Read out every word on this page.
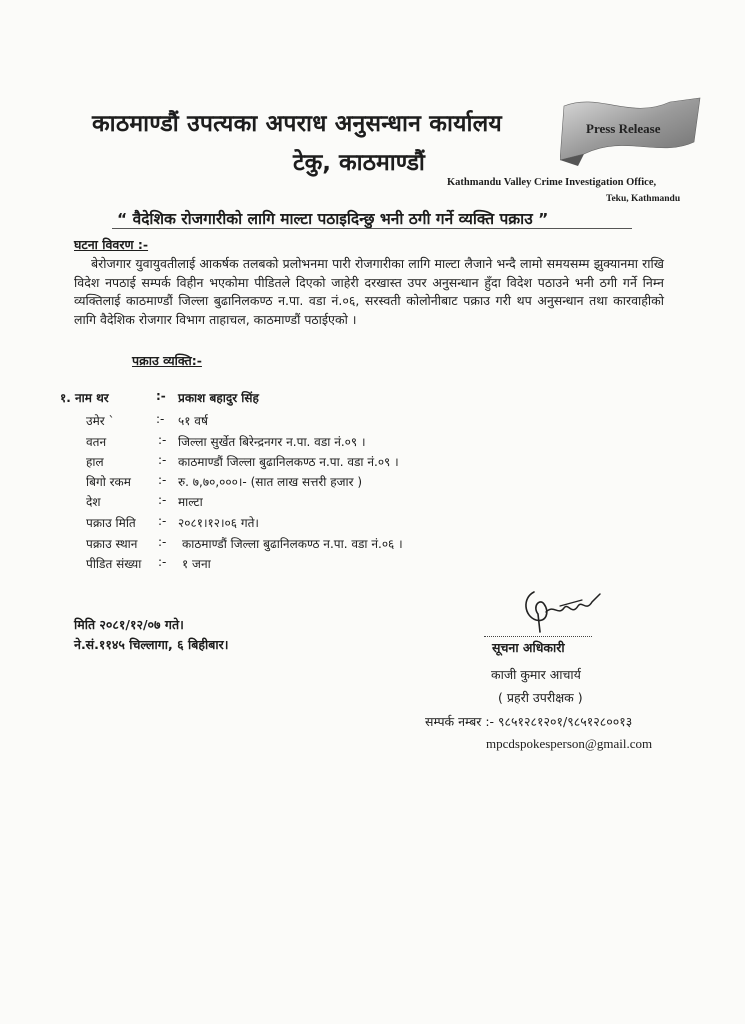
काठमाण्डौं उपत्यका अपराध अनुसन्धान कार्यालय
टेकु, काठमाण्डौं
Press Release
Kathmandu Valley Crime Investigation Office,
Teku, Kathmandu
“ वैदेशिक रोजगारीको लागि माल्टा पठाइदिन्छु भनी ठगी गर्ने व्यक्ति पक्राउ ”
घटना विवरण :-
बेरोजगार युवायुवतीलाई आकर्षक तलबको प्रलोभनमा पारी रोजगारीका लागि माल्टा लैजाने भन्दै लामो समयसम्म झुक्यानमा राखि विदेश नपठाई सम्पर्क विहीन भएकोमा पीडितले दिएको जाहेरी दरखास्त उपर अनुसन्धान हुँदा विदेश पठाउने भनी ठगी गर्ने निम्न व्यक्तिलाई काठमाण्डौं जिल्ला बुढानिलकण्ठ न.पा. वडा नं.०६, सरस्वती कोलोनीबाट पक्राउ गरी थप अनुसन्धान तथा कारवाहीको लागि वैदेशिक रोजगार विभाग ताहाचल, काठमाण्डौं पठाईएको ।
पक्राउ व्यक्ति:-
१. नाम थर	:- प्रकाश बहादुर सिंह
उमेर `	:- ५१ वर्ष
वतन	:- जिल्ला सुर्खेत बिरेन्द्रनगर न.पा. वडा नं.०९ ।
हाल	:- काठमाण्डौं जिल्ला बुढानिलकण्ठ न.पा. वडा नं.०९ ।
बिगो रकम :- रु. ७,७०,०००।- (सात लाख सत्तरी हजार )
देश	:- माल्टा
पक्राउ मिति :- २०८१।१२।०६ गते।
पक्राउ स्थान :- काठमाण्डौं जिल्ला बुढानिलकण्ठ न.पा. वडा नं.०६ ।
पीडित संख्या :- १ जना
मिति २०८१/१२/०७ गते।
ने.सं.११४५ चिल्लागा, ६ बिहीबार।	सूचना अधिकारी
काजी कुमार आचार्य
( प्रहरी उपरीक्षक )
सम्पर्क नम्बर :- ९८५१२८१२०१/९८५१२८००१३
mpcdspokesperson@gmail.com
